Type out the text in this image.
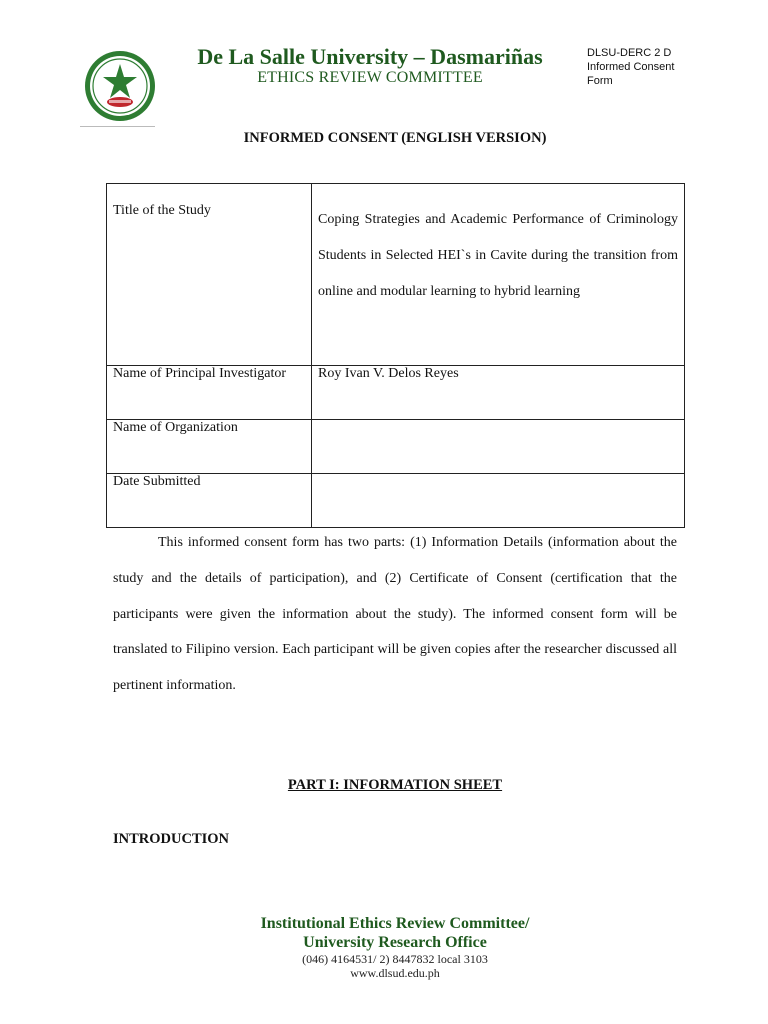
De La Salle University – Dasmariñas
ETHICS REVIEW COMMITTEE
DLSU-DERC 2 D
Informed Consent
Form
INFORMED CONSENT (ENGLISH VERSION)
Title of the Study	Coping Strategies and Academic Performance of Criminology Students in Selected HEI`s in Cavite during the transition from online and modular learning to hybrid learning
Name of Principal Investigator	Roy Ivan V. Delos Reyes
Name of Organization	
Date Submitted	
This informed consent form has two parts: (1) Information Details (information about the study and the details of participation), and (2) Certificate of Consent (certification that the participants were given the information about the study). The informed consent form will be translated to Filipino version. Each participant will be given copies after the researcher discussed all pertinent information.
PART I: INFORMATION SHEET
INTRODUCTION
Institutional Ethics Review Committee/
University Research Office
(046) 4164531/ 2) 8447832 local 3103
www.dlsud.edu.ph
